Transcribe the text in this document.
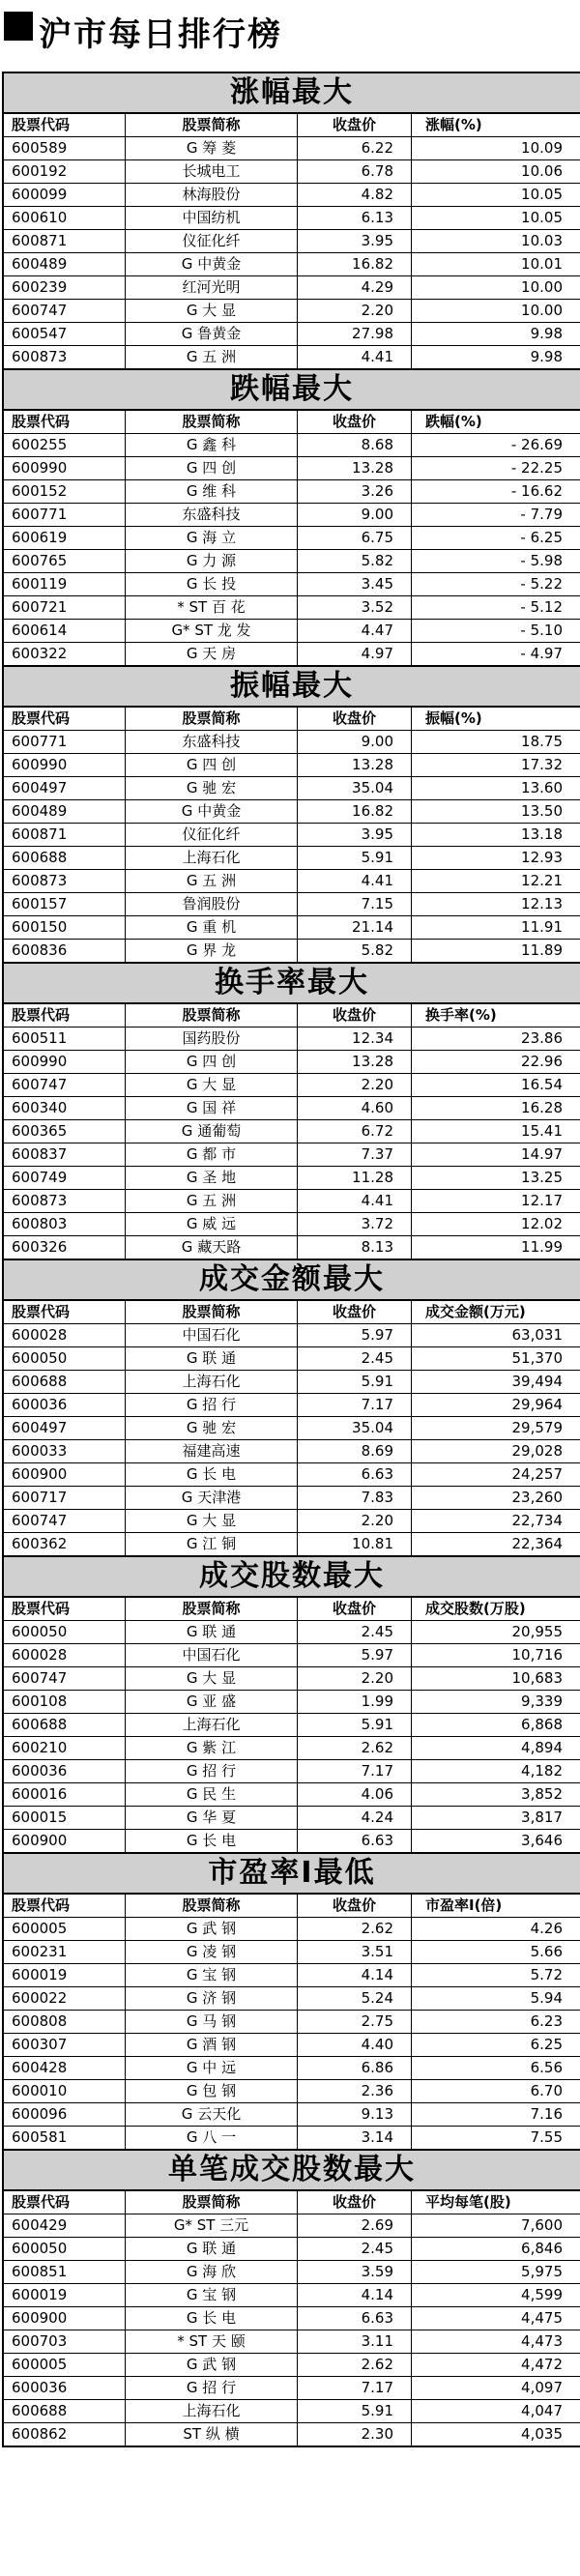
沪市每日排行榜
涨幅最大
股票代码	股票简称	收盘价	涨幅(%)
600589	G 筹 菱	6.22	10.09
600192	长城电工	6.78	10.06
600099	林海股份	4.82	10.05
600610	中国纺机	6.13	10.05
600871	仪征化纤	3.95	10.03
600489	G 中黄金	16.82	10.01
600239	红河光明	4.29	10.00
600747	G 大 显	2.20	10.00
600547	G 鲁黄金	27.98	9.98
600873	G 五 洲	4.41	9.98
跌幅最大
股票代码	股票简称	收盘价	跌幅(%)
600255	G 鑫 科	8.68	- 26.69
600990	G 四 创	13.28	- 22.25
600152	G 维 科	3.26	- 16.62
600771	东盛科技	9.00	- 7.79
600619	G 海 立	6.75	- 6.25
600765	G 力 源	5.82	- 5.98
600119	G 长 投	3.45	- 5.22
600721	* ST 百 花	3.52	- 5.12
600614	G* ST 龙 发	4.47	- 5.10
600322	G 天 房	4.97	- 4.97
振幅最大
股票代码	股票简称	收盘价	振幅(%)
600771	东盛科技	9.00	18.75
600990	G 四 创	13.28	17.32
600497	G 驰 宏	35.04	13.60
600489	G 中黄金	16.82	13.50
600871	仪征化纤	3.95	13.18
600688	上海石化	5.91	12.93
600873	G 五 洲	4.41	12.21
600157	鲁润股份	7.15	12.13
600150	G 重 机	21.14	11.91
600836	G 界 龙	5.82	11.89
换手率最大
股票代码	股票简称	收盘价	换手率(%)
600511	国药股份	12.34	23.86
600990	G 四 创	13.28	22.96
600747	G 大 显	2.20	16.54
600340	G 国 祥	4.60	16.28
600365	G 通葡萄	6.72	15.41
600837	G 都 市	7.37	14.97
600749	G 圣 地	11.28	13.25
600873	G 五 洲	4.41	12.17
600803	G 威 远	3.72	12.02
600326	G 藏天路	8.13	11.99
成交金额最大
股票代码	股票简称	收盘价	成交金额(万元)
600028	中国石化	5.97	63,031
600050	G 联 通	2.45	51,370
600688	上海石化	5.91	39,494
600036	G 招 行	7.17	29,964
600497	G 驰 宏	35.04	29,579
600033	福建高速	8.69	29,028
600900	G 长 电	6.63	24,257
600717	G 天津港	7.83	23,260
600747	G 大 显	2.20	22,734
600362	G 江 铜	10.81	22,364
成交股数最大
股票代码	股票简称	收盘价	成交股数(万股)
600050	G 联 通	2.45	20,955
600028	中国石化	5.97	10,716
600747	G 大 显	2.20	10,683
600108	G 亚 盛	1.99	9,339
600688	上海石化	5.91	6,868
600210	G 紫 江	2.62	4,894
600036	G 招 行	7.17	4,182
600016	G 民 生	4.06	3,852
600015	G 华 夏	4.24	3,817
600900	G 长 电	6.63	3,646
市盈率Ⅰ最低
股票代码	股票简称	收盘价	市盈率Ⅰ(倍)
600005	G 武 钢	2.62	4.26
600231	G 凌 钢	3.51	5.66
600019	G 宝 钢	4.14	5.72
600022	G 济 钢	5.24	5.94
600808	G 马 钢	2.75	6.23
600307	G 酒 钢	4.40	6.25
600428	G 中 远	6.86	6.56
600010	G 包 钢	2.36	6.70
600096	G 云天化	9.13	7.16
600581	G 八 一	3.14	7.55
单笔成交股数最大
股票代码	股票简称	收盘价	平均每笔(股)
600429	G* ST 三元	2.69	7,600
600050	G 联 通	2.45	6,846
600851	G 海 欣	3.59	5,975
600019	G 宝 钢	4.14	4,599
600900	G 长 电	6.63	4,475
600703	* ST 天 颐	3.11	4,473
600005	G 武 钢	2.62	4,472
600036	G 招 行	7.17	4,097
600688	上海石化	5.91	4,047
600862	ST 纵 横	2.30	4,035
